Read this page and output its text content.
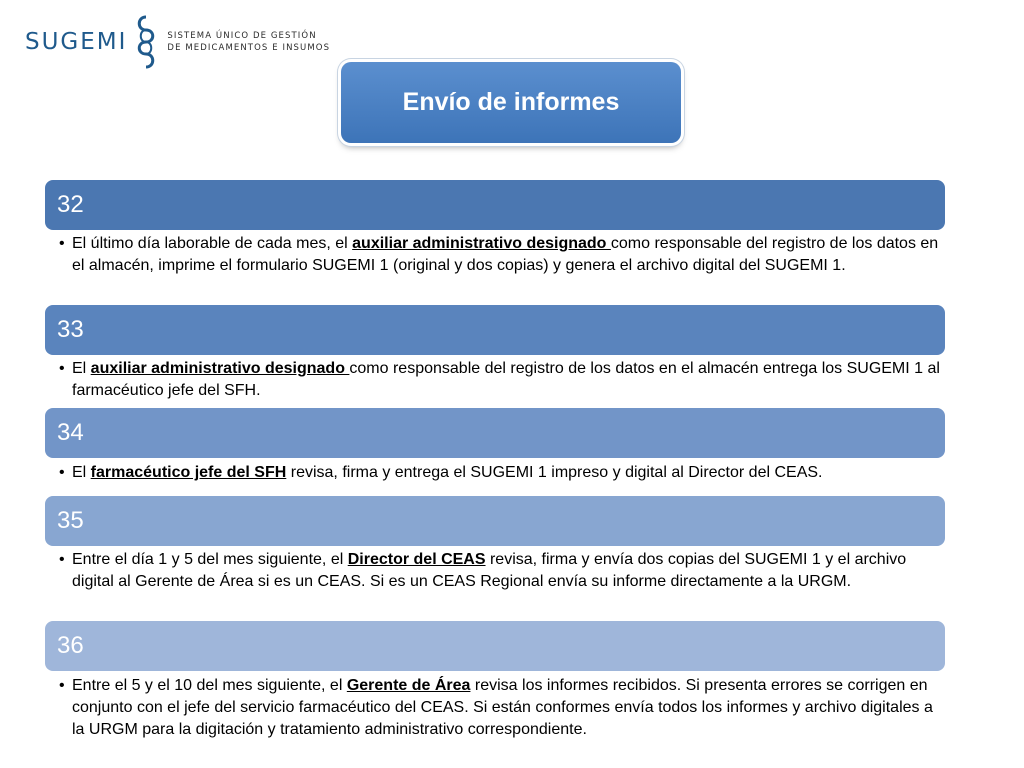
SUGEMI	SISTEMA ÚNICO DE GESTIÓN
DE MEDICAMENTOS E INSUMOS
Envío de informes
32
• El último día laborable de cada mes, el auxiliar administrativo designado como responsable del registro de los datos en el almacén, imprime el formulario SUGEMI 1 (original y dos copias) y genera el archivo digital del SUGEMI 1.
33
• El auxiliar administrativo designado como responsable del registro de los datos en el almacén entrega los SUGEMI 1 al farmacéutico jefe del SFH.
34
• El farmacéutico jefe del SFH revisa, firma y entrega el SUGEMI 1 impreso y digital al Director del CEAS.
35
• Entre el día 1 y 5 del mes siguiente, el Director del CEAS revisa, firma y envía dos copias del SUGEMI 1 y el archivo digital al Gerente de Área si es un CEAS. Si es un CEAS Regional envía su informe directamente a la URGM.
36
• Entre el 5 y el 10 del mes siguiente, el Gerente de Área revisa los informes recibidos. Si presenta errores se corrigen en conjunto con el jefe del servicio farmacéutico del CEAS. Si están conformes envía todos los informes y archivo digitales a la URGM para la digitación y tratamiento administrativo correspondiente.
